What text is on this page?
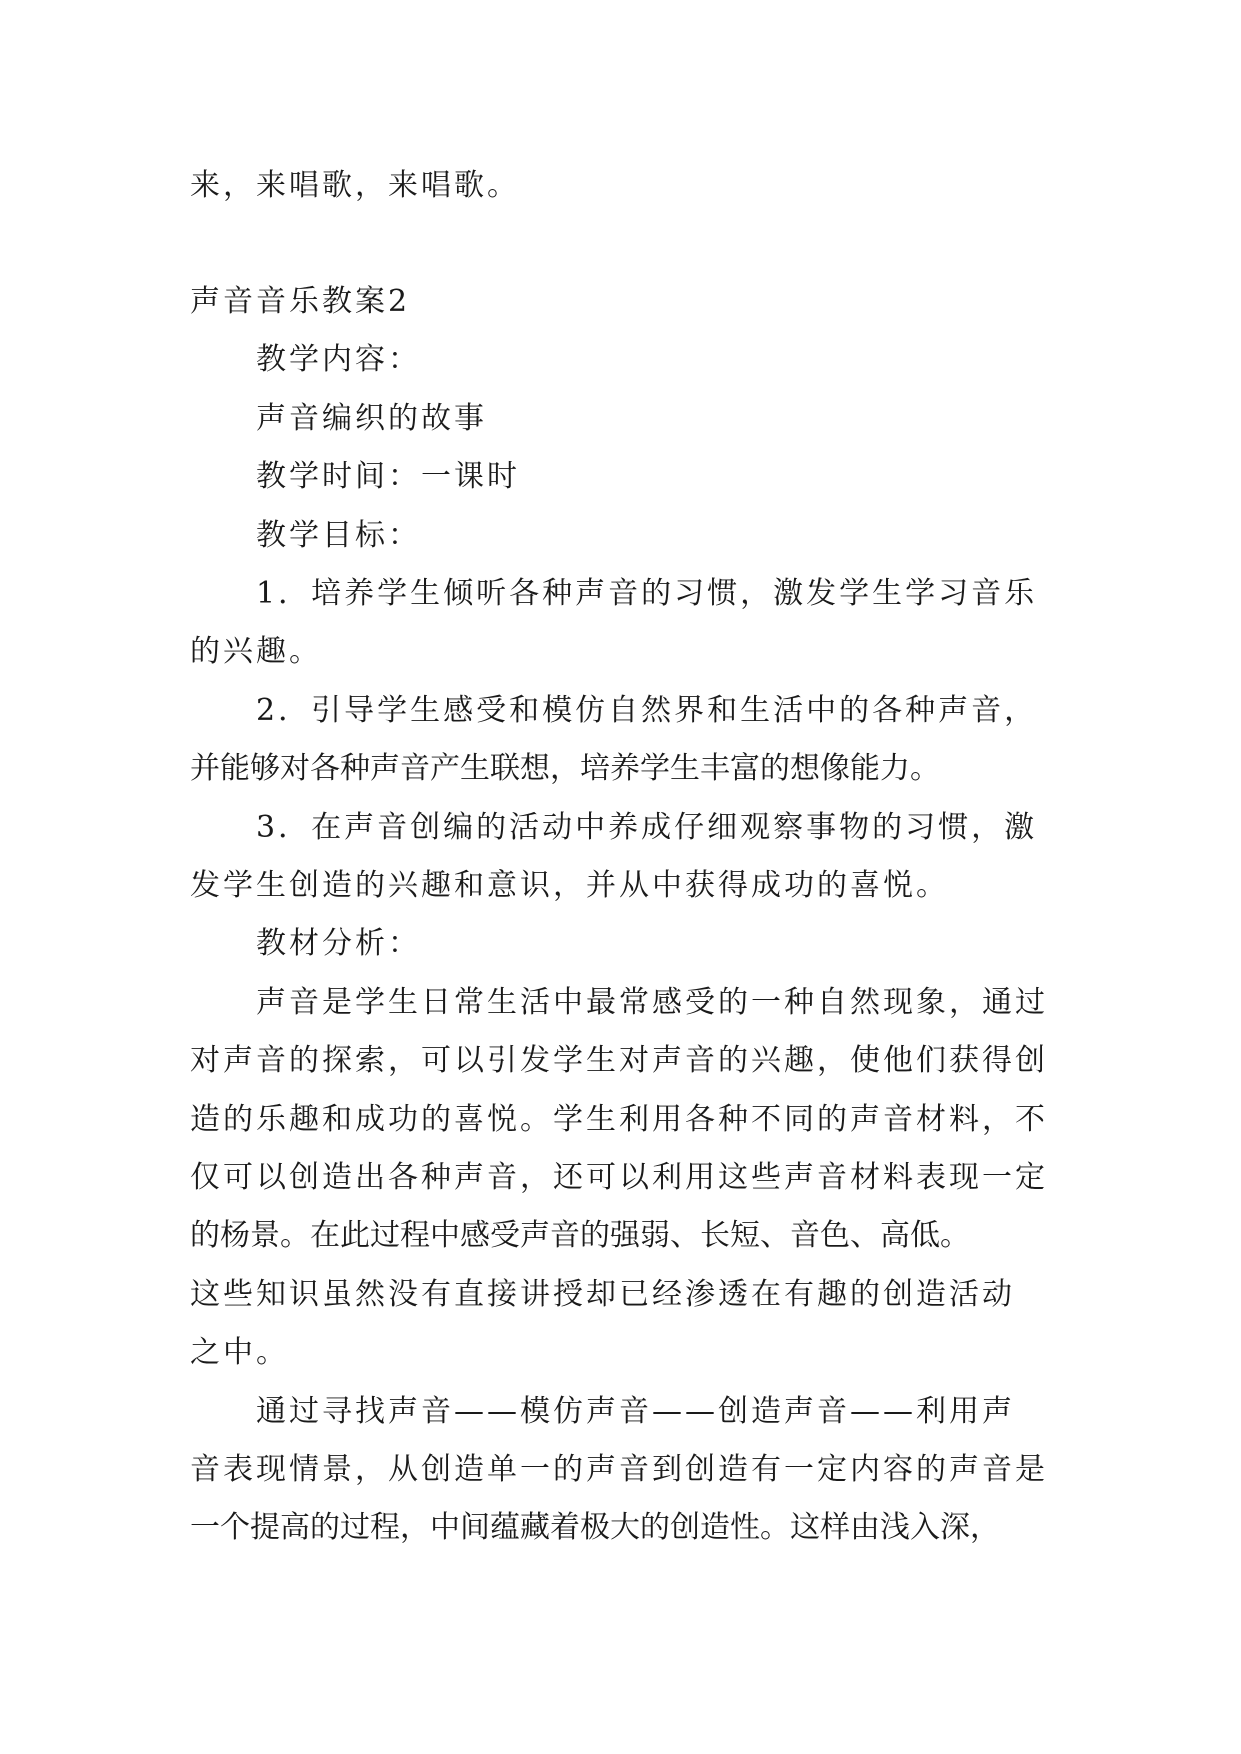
来，来唱歌，来唱歌。
声音音乐教案2
教学内容：
声音编织的故事
教学时间：一课时
教学目标：
1．培养学生倾听各种声音的习惯，激发学生学习音乐
的兴趣。
2．引导学生感受和模仿自然界和生活中的各种声音，
并能够对各种声音产生联想，培养学生丰富的想像能力。
3．在声音创编的活动中养成仔细观察事物的习惯，激
发学生创造的兴趣和意识，并从中获得成功的喜悦。
教材分析：
声音是学生日常生活中最常感受的一种自然现象，通过
对声音的探索，可以引发学生对声音的兴趣，使他们获得创
造的乐趣和成功的喜悦。学生利用各种不同的声音材料，不
仅可以创造出各种声音，还可以利用这些声音材料表现一定
的杨景。在此过程中感受声音的强弱、长短、音色、高低。
这些知识虽然没有直接讲授却已经渗透在有趣的创造活动
之中。
通过寻找声音——模仿声音——创造声音——利用声
音表现情景，从创造单一的声音到创造有一定内容的声音是
一个提高的过程，中间蕴藏着极大的创造性。这样由浅入深，
